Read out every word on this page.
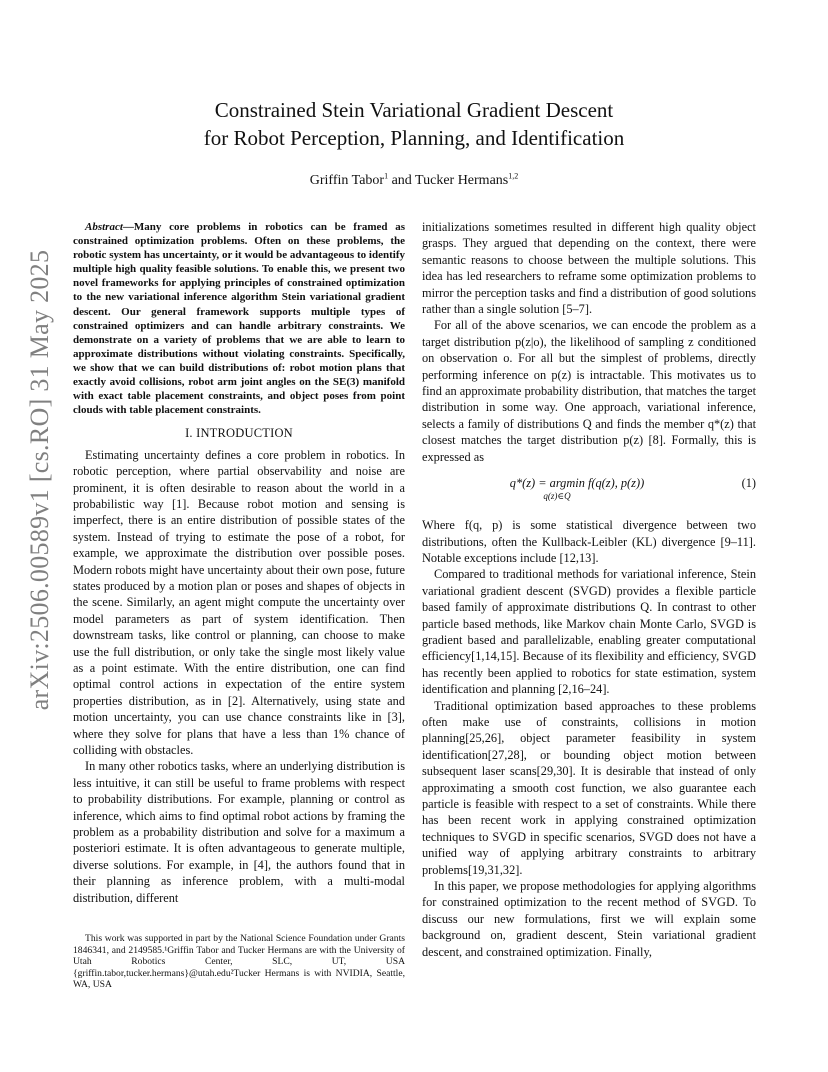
arXiv:2506.00589v1 [cs.RO] 31 May 2025
Constrained Stein Variational Gradient Descent
for Robot Perception, Planning, and Identification
Griffin Tabor$^1$ and Tucker Hermans$^{1,2}$

Abstract—Many core problems in robotics can be framed as constrained optimization problems. Often on these problems, the robotic system has uncertainty, or it would be advantageous to identify multiple high quality feasible solutions. To enable this, we present two novel frameworks for applying principles of constrained optimization to the new variational inference algorithm Stein variational gradient descent. Our general framework supports multiple types of constrained optimizers and can handle arbitrary constraints. We demonstrate on a variety of problems that we are able to learn to approximate distributions without violating constraints. Specifically, we show that we can build distributions of: robot motion plans that exactly avoid collisions, robot arm joint angles on the SE(3) manifold with exact table placement constraints, and object poses from point clouds with table placement constraints.

I. INTRODUCTION

Estimating uncertainty defines a core problem in robotics. In robotic perception, where partial observability and noise are prominent, it is often desirable to reason about the world in a probabilistic way [1]. Because robot motion and sensing is imperfect, there is an entire distribution of possible states of the system. Instead of trying to estimate the pose of a robot, for example, we approximate the distribution over possible poses. Modern robots might have uncertainty about their own pose, future states produced by a motion plan or poses and shapes of objects in the scene. Similarly, an agent might compute the uncertainty over model parameters as part of system identification. Then downstream tasks, like control or planning, can choose to make use the full distribution, or only take the single most likely value as a point estimate. With the entire distribution, one can find optimal control actions in expectation of the entire system properties distribution, as in [2]. Alternatively, using state and motion uncertainty, you can use chance constraints like in [3], where they solve for plans that have a less than 1% chance of colliding with obstacles.

In many other robotics tasks, where an underlying distribution is less intuitive, it can still be useful to frame problems with respect to probability distributions. For example, planning or control as inference, which aims to find optimal robot actions by framing the problem as a probability distribution and solve for a maximum a posteriori estimate. It is often advantageous to generate multiple, diverse solutions. For example, in [4], the authors found that in their planning as inference problem, with a multi-modal distribution, different

This work was supported in part by the National Science Foundation under Grants 1846341, and 2149585.¹Griffin Tabor and Tucker Hermans are with the University of Utah Robotics Center, SLC, UT, USA {griffin.tabor,tucker.hermans}@utah.edu²Tucker Hermans is with NVIDIA, Seattle, WA, USA

initializations sometimes resulted in different high quality object grasps. They argued that depending on the context, there were semantic reasons to choose between the multiple solutions. This idea has led researchers to reframe some optimization problems to mirror the perception tasks and find a distribution of good solutions rather than a single solution [5–7].

For all of the above scenarios, we can encode the problem as a target distribution p(z|o), the likelihood of sampling z conditioned on observation o. For all but the simplest of problems, directly performing inference on p(z) is intractable. This motivates us to find an approximate probability distribution, that matches the target distribution in some way. One approach, variational inference, selects a family of distributions Q and finds the member q*(z) that closest matches the target distribution p(z) [8]. Formally, this is expressed as

q*(z) = argmin f(q(z), p(z))
q(z)∈Q
(1)

Where f(q, p) is some statistical divergence between two distributions, often the Kullback-Leibler (KL) divergence [9–11]. Notable exceptions include [12,13].

Compared to traditional methods for variational inference, Stein variational gradient descent (SVGD) provides a flexible particle based family of approximate distributions Q. In contrast to other particle based methods, like Markov chain Monte Carlo, SVGD is gradient based and parallelizable, enabling greater computational efficiency[1,14,15]. Because of its flexibility and efficiency, SVGD has recently been applied to robotics for state estimation, system identification and planning [2,16–24].

Traditional optimization based approaches to these problems often make use of constraints, collisions in motion planning[25,26], object parameter feasibility in system identification[27,28], or bounding object motion between subsequent laser scans[29,30]. It is desirable that instead of only approximating a smooth cost function, we also guarantee each particle is feasible with respect to a set of constraints. While there has been recent work in applying constrained optimization techniques to SVGD in specific scenarios, SVGD does not have a unified way of applying arbitrary constraints to arbitrary problems[19,31,32].

In this paper, we propose methodologies for applying algorithms for constrained optimization to the recent method of SVGD. To discuss our new formulations, first we will explain some background on, gradient descent, Stein variational gradient descent, and constrained optimization. Finally,
